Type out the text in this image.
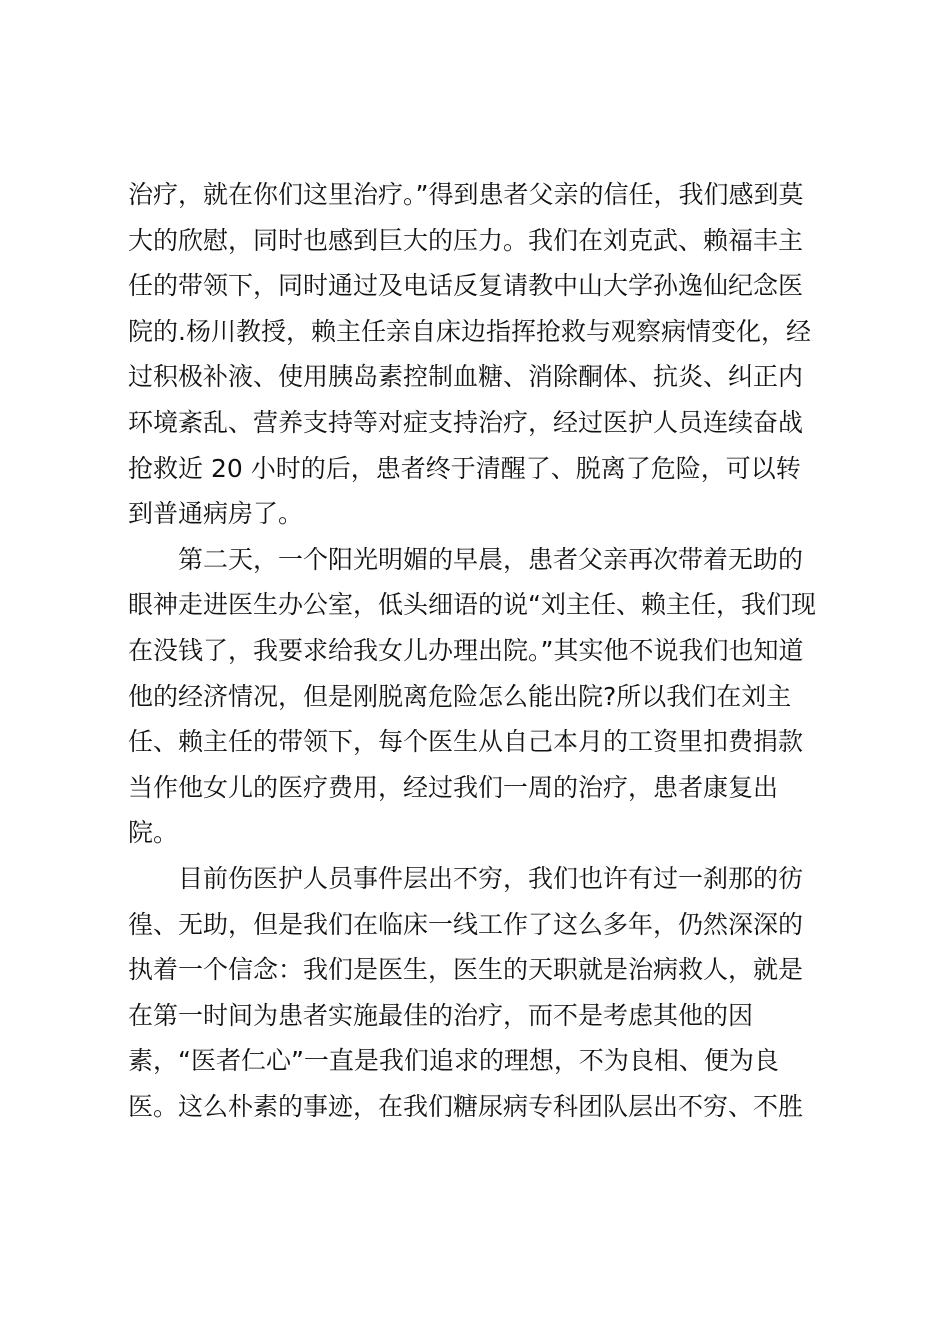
治疗，就在你们这里治疗。”得到患者父亲的信任，我们感到莫
大的欣慰，同时也感到巨大的压力。我们在刘克武、赖福丰主
任的带领下，同时通过及电话反复请教中山大学孙逸仙纪念医
院的.杨川教授，赖主任亲自床边指挥抢救与观察病情变化，经
过积极补液、使用胰岛素控制血糖、消除酮体、抗炎、纠正内
环境紊乱、营养支持等对症支持治疗，经过医护人员连续奋战
抢救近 20 小时的后，患者终于清醒了、脱离了危险，可以转
到普通病房了。
第二天，一个阳光明媚的早晨，患者父亲再次带着无助的
眼神走进医生办公室，低头细语的说“刘主任、赖主任，我们现
在没钱了，我要求给我女儿办理出院。”其实他不说我们也知道
他的经济情况，但是刚脱离危险怎么能出院?所以我们在刘主
任、赖主任的带领下，每个医生从自己本月的工资里扣费捐款
当作他女儿的医疗费用，经过我们一周的治疗，患者康复出
院。
目前伤医护人员事件层出不穷，我们也许有过一刹那的彷
徨、无助，但是我们在临床一线工作了这么多年，仍然深深的
执着一个信念：我们是医生，医生的天职就是治病救人，就是
在第一时间为患者实施最佳的治疗，而不是考虑其他的因
素，“医者仁心”一直是我们追求的理想，不为良相、便为良
医。这么朴素的事迹，在我们糖尿病专科团队层出不穷、不胜
